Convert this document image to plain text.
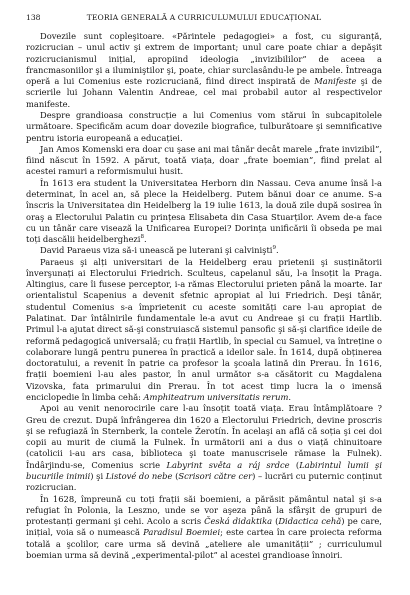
138	TEORIA GENERALĂ A CURRICULUMULUI EDUCAȚIONAL

Dovezile sunt copleşitoare. «Părintele pedagogiei» a fost, cu siguranță, rozicrucian – unul activ şi extrem de important; unul care poate chiar a depăşit rozicrucianismul inițial, apropiind ideologia „invizibililor” de aceea a francmasoniilor şi a iluminiştilor şi, poate, chiar surclasându-le pe ambele. Întreaga operă a lui Comenius este rozicruciană, fiind direct inspirată de Manifeste şi de scrierile lui Johann Valentin Andreae, cel mai probabil autor al respectivelor manifeste.

Despre grandioasa construcție a lui Comenius vom stărui în subcapitolele următoare. Specificăm acum doar dovezile biografice, tulburătoare şi semnificative pentru istoria europeană a educației.

Jan Amos Komenski era doar cu şase ani mai tânăr decât marele „frate invizibil”, fiind născut în 1592. A părut, toată viața, doar „frate boemian”, fiind prelat al acestei ramuri a reformismului husit.

În 1613 era student la Universitatea Herborn din Nassau. Ceva anume însă l-a determinat, în acel an, să plece la Heidelberg. Putem bănui doar ce anume. S-a înscris la Universitatea din Heidelberg la 19 iulie 1613, la două zile după sosirea în oraş a Electorului Palatin cu prințesa Elisabeta din Casa Stuarților. Avem de-a face cu un tânăr care visează la Unificarea Europei? Dorința unificării îi obseda pe mai toți dascălii heidelberghezi$^8$.

David Paraeus viza să-i unească pe luterani şi calvinişti$^9$.

Paraeus şi alți universitari de la Heidelberg erau prietenii şi susținătorii înverşunați ai Electorului Friedrich. Sculteus, capelanul său, l-a însoțit la Praga. Altingius, care îi fusese perceptor, i-a rămas Electorului prieten până la moarte. Iar orientalistul Scapenius a devenit sfetnic apropiat al lui Friedrich. Deşi tânăr, studentul Comenius s-a împrietenit cu aceste somități care l-au apropiat de Palatinat. Dar întâlnirile fundamentale le-a avut cu Andreae şi cu frații Hartlib. Primul l-a ajutat direct să-şi construiască sistemul pansofic şi să-şi clarifice ideile de reformă pedagogică universală; cu frații Hartlib, în special cu Samuel, va întreține o colaborare lungă pentru punerea în practică a ideilor sale. În 1614, după obținerea doctoratului, a revenit în patrie ca profesor la şcoala latină din Prerau. În 1616, frații boemieni l-au ales pastor, în anul următor s-a căsătorit cu Magdalena Vizovska, fata primarului din Prerau. În tot acest timp lucra la o imensă enciclopedie în limba cehă: Amphiteatrum universitatis rerum.

Apoi au venit nenorocirile care l-au însoțit toată viața. Erau întâmplătoare ? Greu de crezut. După înfrângerea din 1620 a Electorului Friedrich, devine proscris şi se refugiază în Sternberk, la contele Žerotín. În acelaşi an află că soția şi cei doi copii au murit de ciumă la Fulnek. În următorii ani a dus o viață chinuitoare (catolicii i-au ars casa, biblioteca şi toate manuscrisele rămase la Fulnek). Îndârjindu-se, Comenius scrie Labyrint světa a ráj srdce (Labirintul lumii şi bucuriile inimii) şi Listové do nebe (Scrisori către cer) – lucrări cu puternic conținut rozicrucian.

În 1628, împreună cu toți frații săi boemieni, a părăsit pământul natal şi s-a refugiat în Polonia, la Leszno, unde se vor aşeza până la sfârşit de grupuri de protestanți germani şi cehi. Acolo a scris Česká didaktika (Didactica cehă) pe care, inițial, voia să o numească Paradisul Boemiei; este cartea în care proiecta reforma totală a şcolilor, care urma să devină „ateliere ale umanității” ; curriculumul boemian urma să devină „experimental-pilot” al acestei grandioase înnoiri.
